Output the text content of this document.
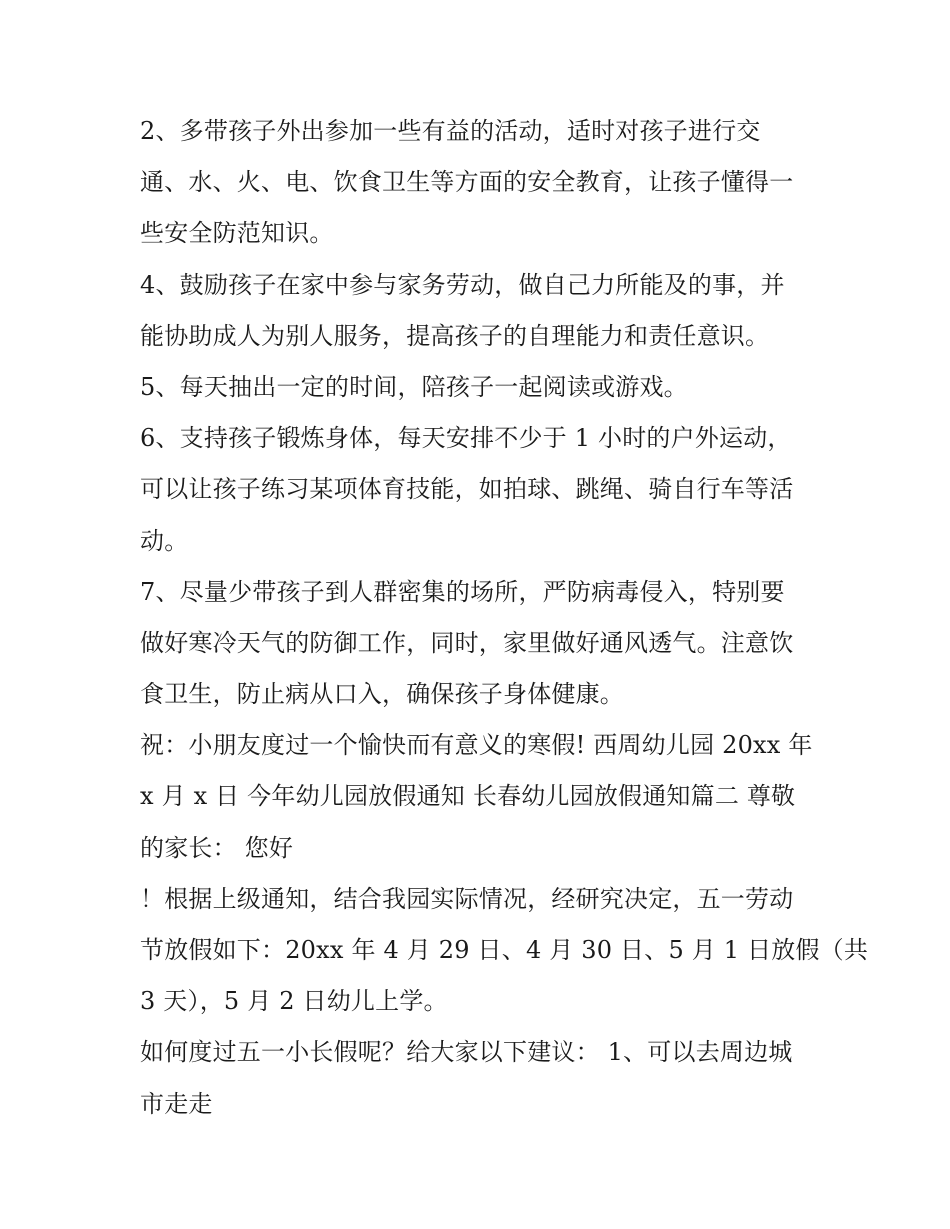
2、多带孩子外出参加一些有益的活动，适时对孩子进行交
通、水、火、电、饮食卫生等方面的安全教育，让孩子懂得一
些安全防范知识。
4、鼓励孩子在家中参与家务劳动，做自己力所能及的事，并
能协助成人为别人服务，提高孩子的自理能力和责任意识。
5、每天抽出一定的时间，陪孩子一起阅读或游戏。
6、支持孩子锻炼身体，每天安排不少于 1 小时的户外运动，
可以让孩子练习某项体育技能，如拍球、跳绳、骑自行车等活
动。
7、尽量少带孩子到人群密集的场所，严防病毒侵入，特别要
做好寒冷天气的防御工作，同时，家里做好通风透气。注意饮
食卫生，防止病从口入，确保孩子身体健康。
祝：小朋友度过一个愉快而有意义的寒假! 西周幼儿园 20xx 年
x 月 x 日 今年幼儿园放假通知 长春幼儿园放假通知篇二 尊敬
的家长： 您好
！根据上级通知，结合我园实际情况，经研究决定，五一劳动
节放假如下：20xx 年 4 月 29 日、4 月 30 日、5 月 1 日放假（共
3 天），5 月 2 日幼儿上学。
如何度过五一小长假呢？给大家以下建议： 1、可以去周边城
市走走
